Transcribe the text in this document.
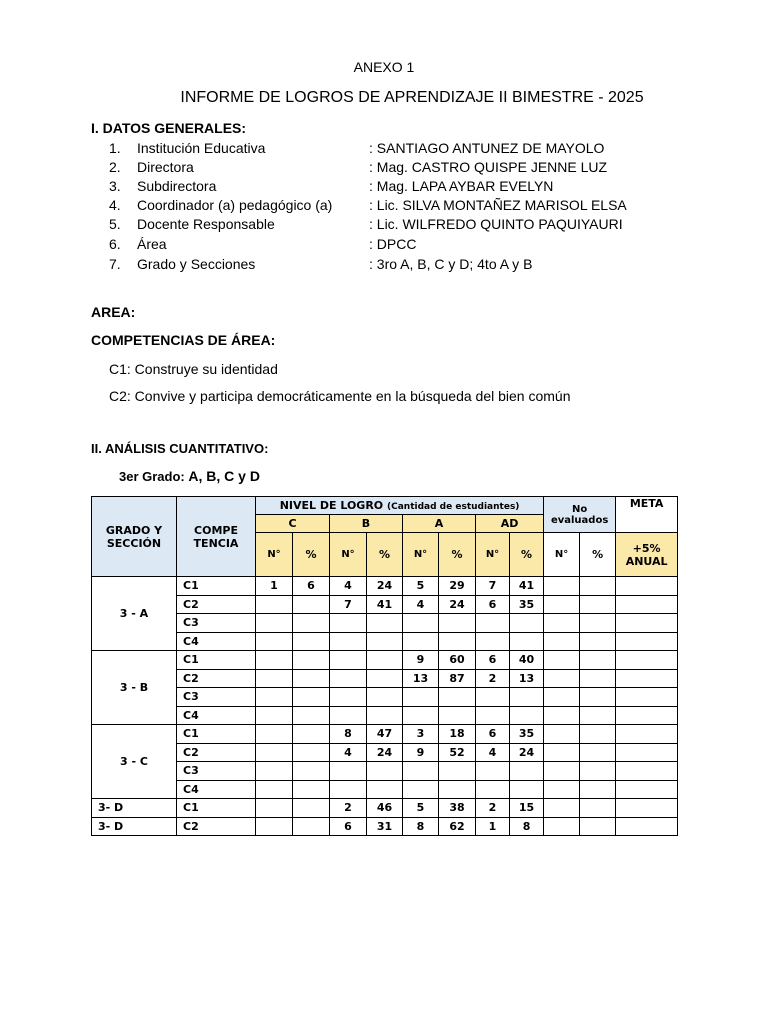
ANEXO 1
INFORME DE LOGROS DE APRENDIZAJE II BIMESTRE - 2025
I. DATOS GENERALES:
1. Institución Educativa	: SANTIAGO ANTUNEZ DE MAYOLO
2. Directora	: Mag. CASTRO QUISPE JENNE LUZ
3. Subdirectora	: Mag. LAPA AYBAR EVELYN
4. Coordinador (a) pedagógico (a)	: Lic. SILVA MONTAÑEZ MARISOL ELSA
5. Docente Responsable	: Lic. WILFREDO QUINTO PAQUIYAURI
6. Área	: DPCC
7. Grado y Secciones	: 3ro A, B, C y D; 4to A y B
AREA:
COMPETENCIAS DE ÁREA:
C1: Construye su identidad
C2: Convive y participa democráticamente en la búsqueda del bien común
II. ANÁLISIS CUANTITATIVO:
3er Grado: A, B, C y D
GRADO Y SECCIÓN	COMPE TENCIA	NIVEL DE LOGRO (Cantidad de estudiantes)								No evaluados		META
		C		B		A		AD				
		N°	%	N°	%	N°	%	N°	%	N°	%	+5% ANUAL
3 - A	C1	1	6	4	24	5	29	7	41			
	C2			7	41	4	24	6	35			
	C3											
	C4											
3 - B	C1					9	60	6	40			
	C2					13	87	2	13			
	C3											
	C4											
3 - C	C1			8	47	3	18	6	35			
	C2			4	24	9	52	4	24			
	C3											
	C4											
3- D	C1			2	46	5	38	2	15			
3- D	C2			6	31	8	62	1	8			
